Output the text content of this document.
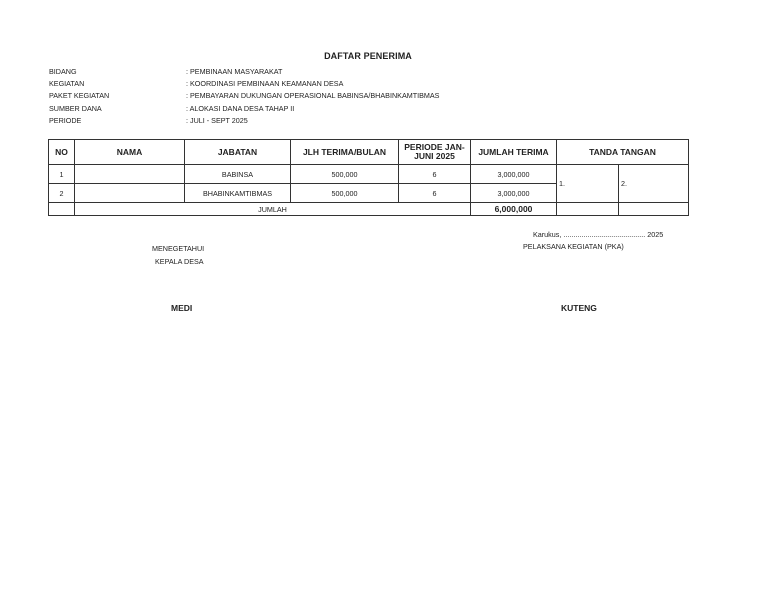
DAFTAR PENERIMA
BIDANG	: PEMBINAAN MASYARAKAT
KEGIATAN	: KOORDINASI PEMBINAAN KEAMANAN DESA
PAKET KEGIATAN	: PEMBAYARAN DUKUNGAN OPERASIONAL BABINSA/BHABINKAMTIBMAS
SUMBER DANA	: ALOKASI DANA DESA TAHAP II
PERIODE	: JULI - SEPT 2025
NO	NAMA	JABATAN	JLH TERIMA/BULAN	PERIODE JAN-JUNI 2025	JUMLAH TERIMA	TANDA TANGAN	
1		BABINSA	500,000	6	3,000,000	1.	2.
2		BHABINKAMTIBMAS	500,000	6	3,000,000		
	JUMLAH				6,000,000		
Karukus, ......................................... 2025
MENEGETAHUI
KEPALA DESA
PELAKSANA KEGIATAN (PKA)
MEDI	KUTENG
